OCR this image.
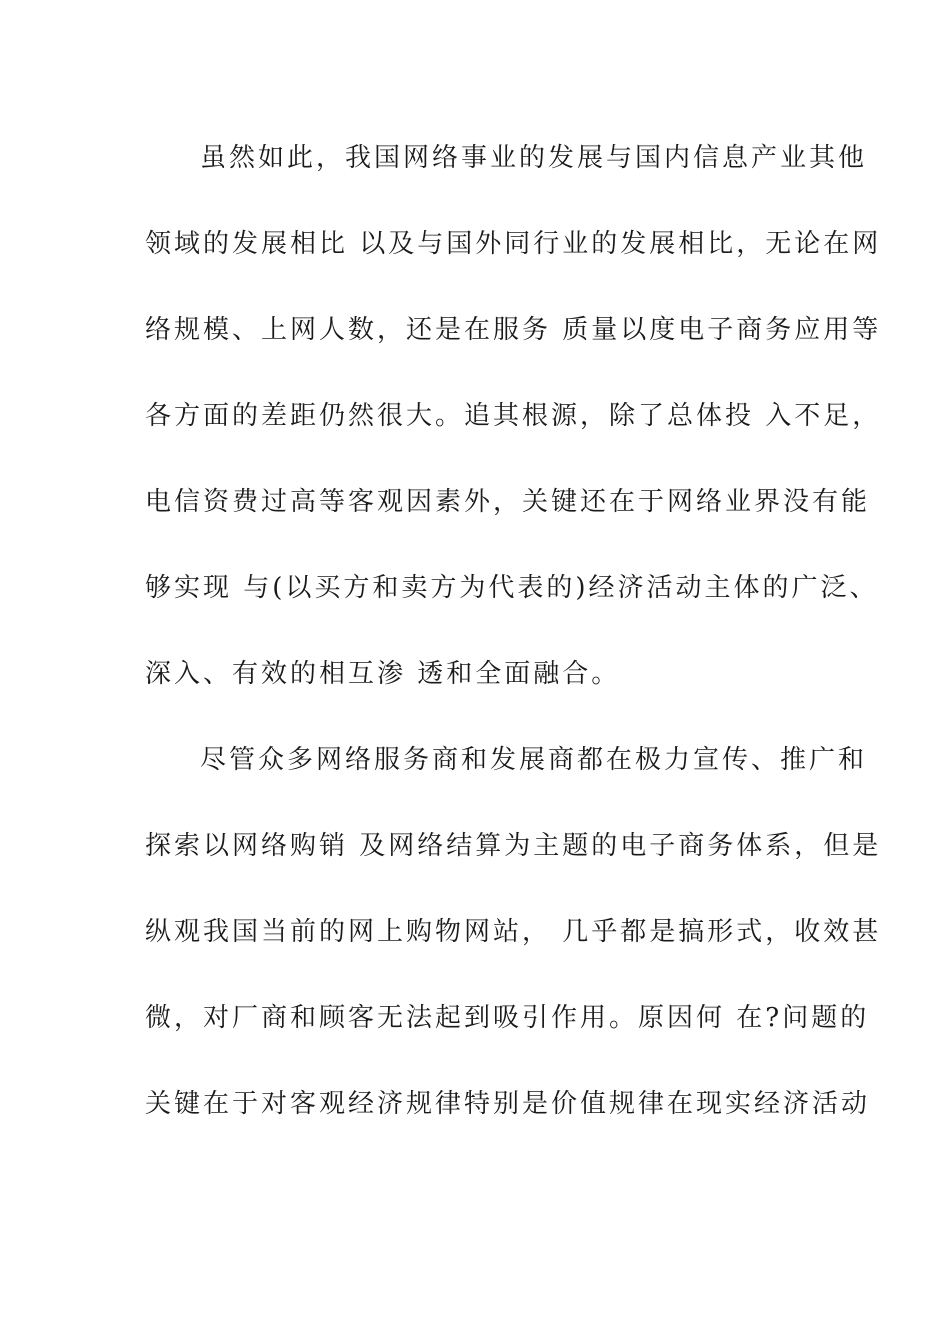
虽然如此，我国网络事业的发展与国内信息产业其他
领域的发展相比 以及与国外同行业的发展相比，无论在网
络规模、上网人数，还是在服务 质量以度电子商务应用等
各方面的差距仍然很大。追其根源，除了总体投 入不足，
电信资费过高等客观因素外，关键还在于网络业界没有能
够实现 与(以买方和卖方为代表的)经济活动主体的广泛、
深入、有效的相互渗 透和全面融合。
尽管众多网络服务商和发展商都在极力宣传、推广和
探索以网络购销 及网络结算为主题的电子商务体系，但是
纵观我国当前的网上购物网站， 几乎都是搞形式，收效甚
微，对厂商和顾客无法起到吸引作用。原因何 在?问题的
关键在于对客观经济规律特别是价值规律在现实经济活动
